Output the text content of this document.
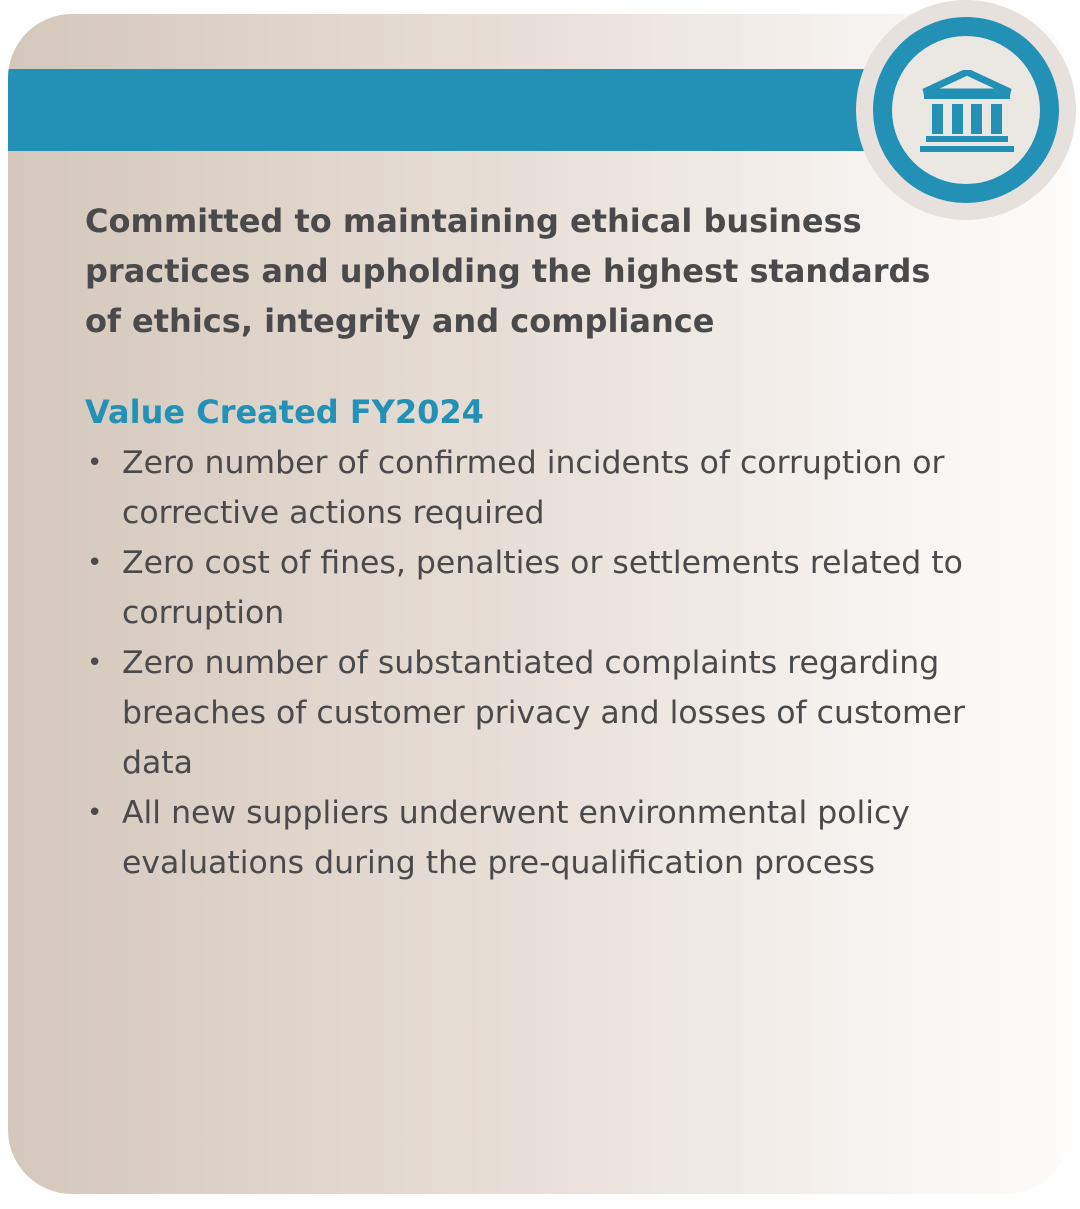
Committed to maintaining ethical business practices and upholding the highest standards of ethics, integrity and compliance

Value Created FY2024
• Zero number of confirmed incidents of corruption or corrective actions required
• Zero cost of fines, penalties or settlements related to corruption
• Zero number of substantiated complaints regarding breaches of customer privacy and losses of customer data
• All new suppliers underwent environmental policy evaluations during the pre-qualification process
